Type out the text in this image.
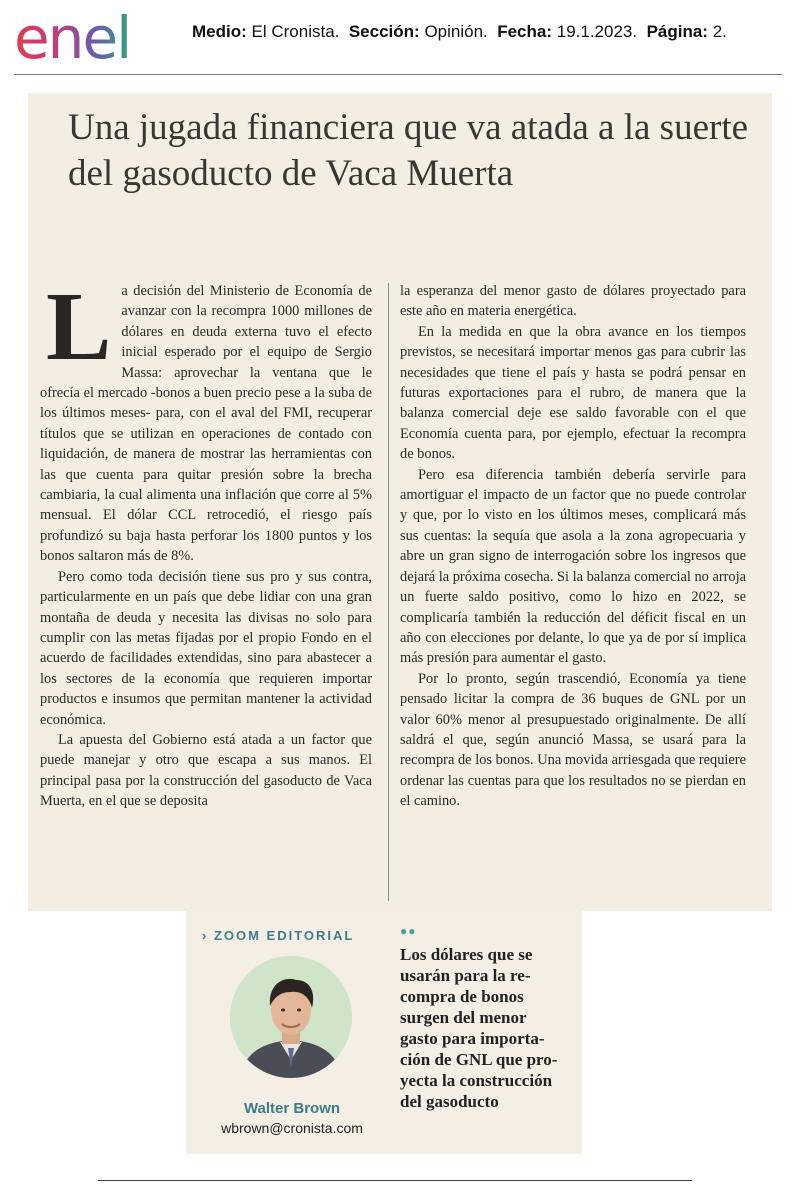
enel	Medio: El Cronista. Sección: Opinión. Fecha: 19.1.2023. Página: 2.
Una jugada financiera que va atada a la suerte del gasoducto de Vaca Muerta

La decisión del Ministerio de Economía de avanzar con la recompra 1000 millones de dólares en deuda externa tuvo el efecto inicial esperado por el equipo de Sergio Massa: aprovechar la ventana que le ofrecía el mercado -bonos a buen precio pese a la suba de los últimos meses- para, con el aval del FMI, recuperar títulos que se utilizan en operaciones de contado con liquidación, de manera de mostrar las herramientas con las que cuenta para quitar presión sobre la brecha cambiaria, la cual alimenta una inflación que corre al 5% mensual. El dólar CCL retrocedió, el riesgo país profundizó su baja hasta perforar los 1800 puntos y los bonos saltaron más de 8%.

Pero como toda decisión tiene sus pro y sus contra, particularmente en un país que debe lidiar con una gran montaña de deuda y necesita las divisas no solo para cumplir con las metas fijadas por el propio Fondo en el acuerdo de facilidades extendidas, sino para abastecer a los sectores de la economía que requieren importar productos e insumos que permitan mantener la actividad económica.

La apuesta del Gobierno está atada a un factor que puede manejar y otro que escapa a sus manos. El principal pasa por la construcción del gasoducto de Vaca Muerta, en el que se deposita

la esperanza del menor gasto de dólares proyectado para este año en materia energética.

En la medida en que la obra avance en los tiempos previstos, se necesitará importar menos gas para cubrir las necesidades que tiene el país y hasta se podrá pensar en futuras exportaciones para el rubro, de manera que la balanza comercial deje ese saldo favorable con el que Economía cuenta para, por ejemplo, efectuar la recompra de bonos.

Pero esa diferencia también debería servirle para amortiguar el impacto de un factor que no puede controlar y que, por lo visto en los últimos meses, complicará más sus cuentas: la sequía que asola a la zona agropecuaria y abre un gran signo de interrogación sobre los ingresos que dejará la próxima cosecha. Si la balanza comercial no arroja un fuerte saldo positivo, como lo hizo en 2022, se complicaría también la reducción del déficit fiscal en un año con elecciones por delante, lo que ya de por sí implica más presión para aumentar el gasto.

Por lo pronto, según trascendió, Economía ya tiene pensado licitar la compra de 36 buques de GNL por un valor 60% menor al presupuestado originalmente. De allí saldrá el que, según anunció Massa, se usará para la recompra de los bonos. Una movida arriesgada que requiere ordenar las cuentas para que los resultados no se pierdan en el camino.

› ZOOM EDITORIAL	●●
Walter Brown
wbrown@cronista.com
Los dólares que se
usarán para la re-
compra de bonos
surgen del menor
gasto para importa-
ción de GNL que pro-
yecta la construcción
del gasoducto
